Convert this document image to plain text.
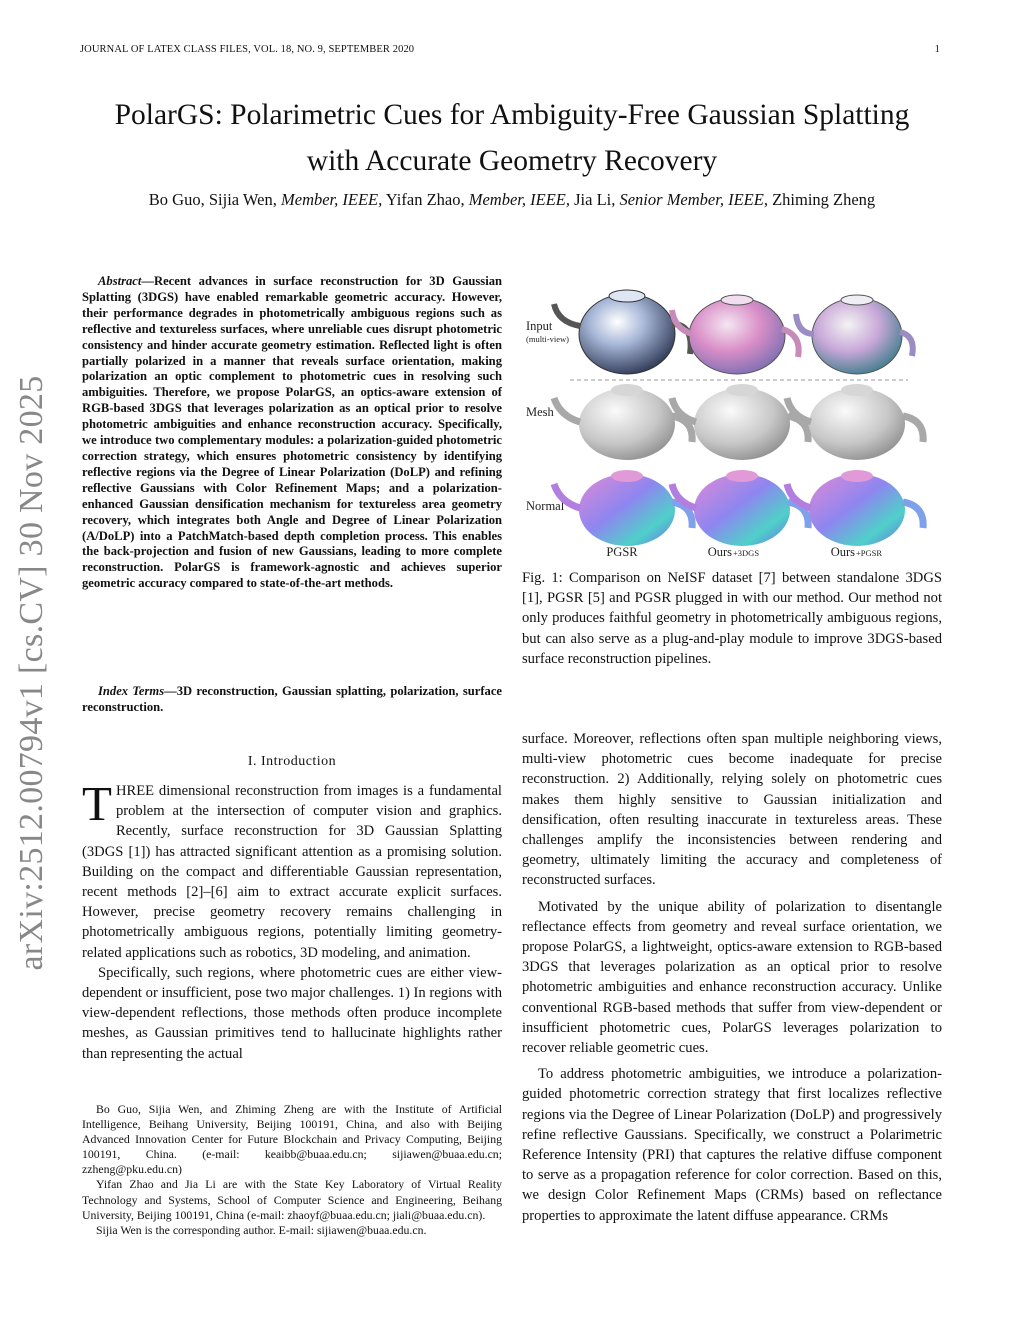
JOURNAL OF LATEX CLASS FILES, VOL. 18, NO. 9, SEPTEMBER 2020	1
PolarGS: Polarimetric Cues for Ambiguity-Free Gaussian Splatting
with Accurate Geometry Recovery
Bo Guo, Sijia Wen, Member, IEEE, Yifan Zhao, Member, IEEE, Jia Li, Senior Member, IEEE, Zhiming Zheng
arXiv:2512.00794v1 [cs.CV] 30 Nov 2025

Abstract—Recent advances in surface reconstruction for 3D Gaussian Splatting (3DGS) have enabled remarkable geometric accuracy. However, their performance degrades in photometrically ambiguous regions such as reflective and textureless surfaces, where unreliable cues disrupt photometric consistency and hinder accurate geometry estimation. Reflected light is often partially polarized in a manner that reveals surface orientation, making polarization an optic complement to photometric cues in resolving such ambiguities. Therefore, we propose PolarGS, an optics-aware extension of RGB-based 3DGS that leverages polarization as an optical prior to resolve photometric ambiguities and enhance reconstruction accuracy. Specifically, we introduce two complementary modules: a polarization-guided photometric correction strategy, which ensures photometric consistency by identifying reflective regions via the Degree of Linear Polarization (DoLP) and refining reflective Gaussians with Color Refinement Maps; and a polarization-enhanced Gaussian densification mechanism for textureless area geometry recovery, which integrates both Angle and Degree of Linear Polarization (A/DoLP) into a PatchMatch-based depth completion process. This enables the back-projection and fusion of new Gaussians, leading to more complete reconstruction. PolarGS is framework-agnostic and achieves superior geometric accuracy compared to state-of-the-art methods.

Index Terms—3D reconstruction, Gaussian splatting, polarization, surface reconstruction.
I. Introduction

THREE dimensional reconstruction from images is a fundamental problem at the intersection of computer vision and graphics. Recently, surface reconstruction for 3D Gaussian Splatting (3DGS [1]) has attracted significant attention as a promising solution. Building on the compact and differentiable Gaussian representation, recent methods [2]–[6] aim to extract accurate explicit surfaces. However, precise geometry recovery remains challenging in photometrically ambiguous regions, potentially limiting geometry-related applications such as robotics, 3D modeling, and animation.

Specifically, such regions, where photometric cues are either view-dependent or insufficient, pose two major challenges. 1) In regions with view-dependent reflections, those methods often produce incomplete meshes, as Gaussian primitives tend to hallucinate highlights rather than representing the actual

Bo Guo, Sijia Wen, and Zhiming Zheng are with the Institute of Artificial Intelligence, Beihang University, Beijing 100191, China, and also with Beijing Advanced Innovation Center for Future Blockchain and Privacy Computing, Beijing 100191, China. (e-mail: keaibb@buaa.edu.cn; sijiawen@buaa.edu.cn; zzheng@pku.edu.cn)

Yifan Zhao and Jia Li are with the State Key Laboratory of Virtual Reality Technology and Systems, School of Computer Science and Engineering, Beihang University, Beijing 100191, China (e-mail: zhaoyf@buaa.edu.cn; jiali@buaa.edu.cn).

Sijia Wen is the corresponding author. E-mail: sijiawen@buaa.edu.cn.

Input
(multi-view)
Mesh
Normal
PGSR	Ours +3DGS	Ours +PGSR
Fig. 1: Comparison on NeISF dataset [7] between standalone 3DGS [1], PGSR [5] and PGSR plugged in with our method. Our method not only produces faithful geometry in photometrically ambiguous regions, but can also serve as a plug-and-play module to improve 3DGS-based surface reconstruction pipelines.

surface. Moreover, reflections often span multiple neighboring views, multi-view photometric cues become inadequate for precise reconstruction. 2) Additionally, relying solely on photometric cues makes them highly sensitive to Gaussian initialization and densification, often resulting inaccurate in textureless areas. These challenges amplify the inconsistencies between rendering and geometry, ultimately limiting the accuracy and completeness of reconstructed surfaces.

Motivated by the unique ability of polarization to disentangle reflectance effects from geometry and reveal surface orientation, we propose PolarGS, a lightweight, optics-aware extension to RGB-based 3DGS that leverages polarization as an optical prior to resolve photometric ambiguities and enhance reconstruction accuracy. Unlike conventional RGB-based methods that suffer from view-dependent or insufficient photometric cues, PolarGS leverages polarization to recover reliable geometric cues.

To address photometric ambiguities, we introduce a polarization-guided photometric correction strategy that first localizes reflective regions via the Degree of Linear Polarization (DoLP) and progressively refine reflective Gaussians. Specifically, we construct a Polarimetric Reference Intensity (PRI) that captures the relative diffuse component to serve as a propagation reference for color correction. Based on this, we design Color Refinement Maps (CRMs) based on reflectance properties to approximate the latent diffuse appearance. CRMs
